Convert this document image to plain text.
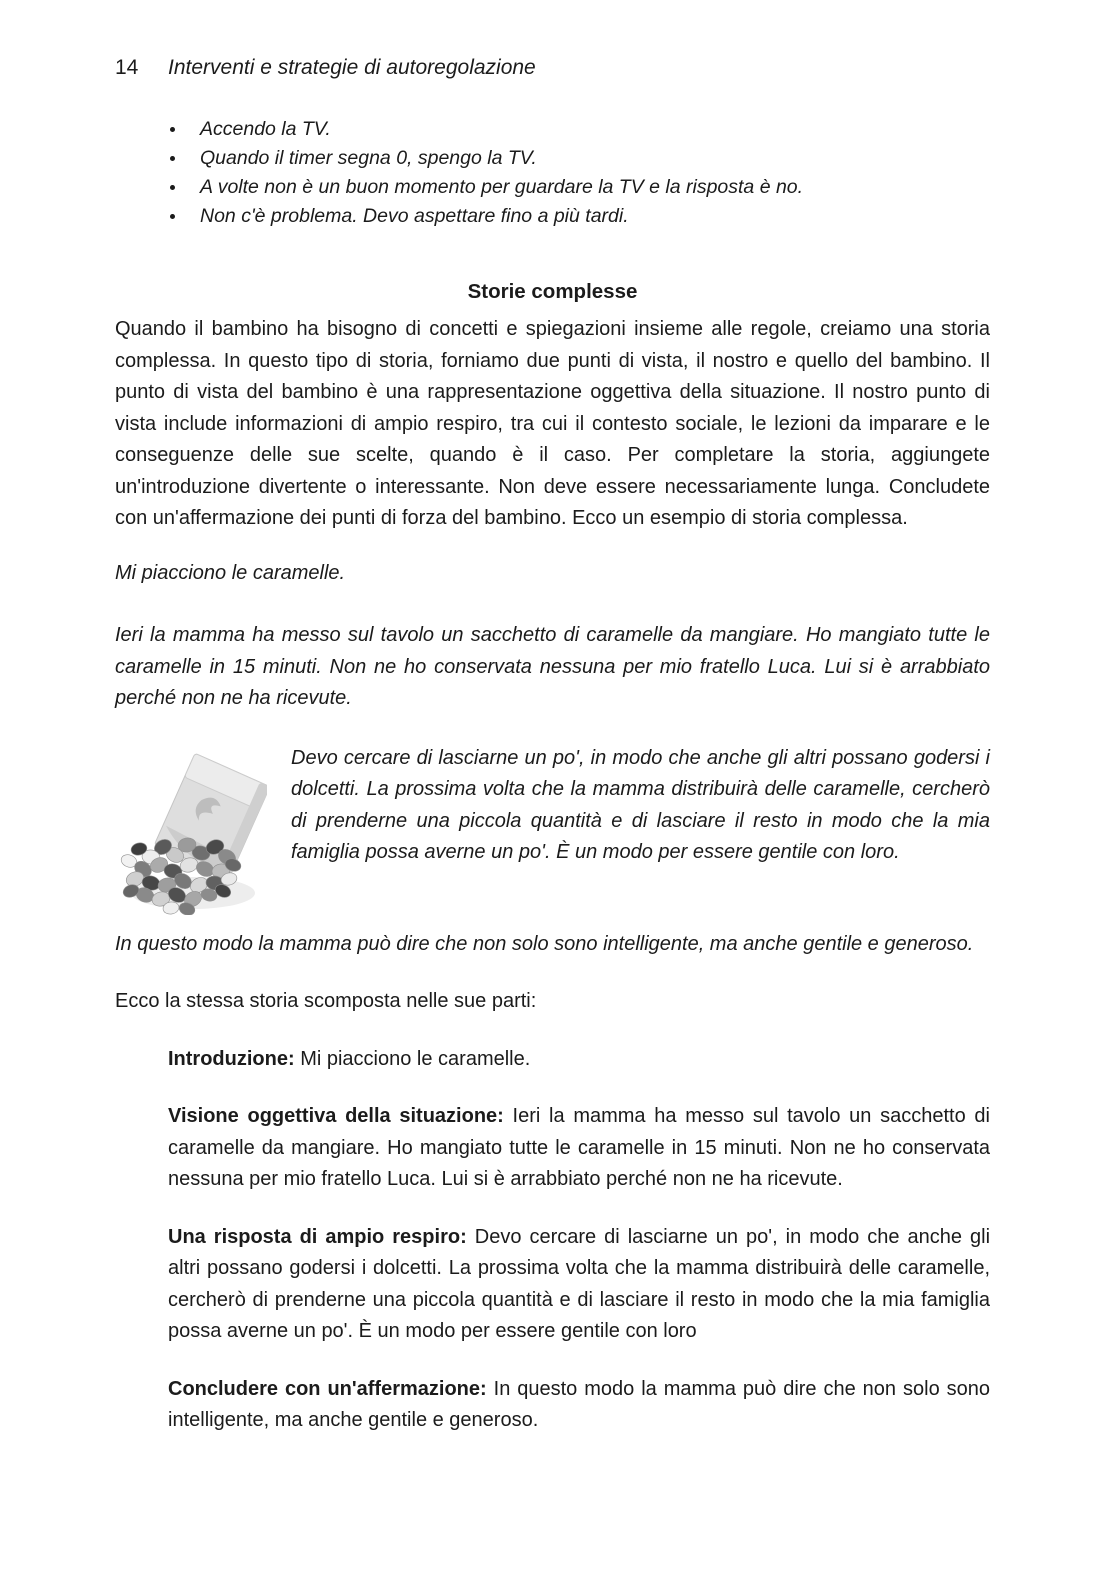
14 Interventi e strategie di autoregolazione
Accendo la TV.
Quando il timer segna 0, spengo la TV.
A volte non è un buon momento per guardare la TV e la risposta è no.
Non c'è problema. Devo aspettare fino a più tardi.
Storie complesse

Quando il bambino ha bisogno di concetti e spiegazioni insieme alle regole, creiamo una storia complessa. In questo tipo di storia, forniamo due punti di vista, il nostro e quello del bambino. Il punto di vista del bambino è una rappresentazione oggettiva della situazione. Il nostro punto di vista include informazioni di ampio respiro, tra cui il contesto sociale, le lezioni da imparare e le conseguenze delle sue scelte, quando è il caso. Per completare la storia, aggiungete un'introduzione divertente o interessante. Non deve essere necessariamente lunga. Concludete con un'affermazione dei punti di forza del bambino. Ecco un esempio di storia complessa.

Mi piacciono le caramelle.

Ieri la mamma ha messo sul tavolo un sacchetto di caramelle da mangiare. Ho mangiato tutte le caramelle in 15 minuti. Non ne ho conservata nessuna per mio fratello Luca. Lui si è arrabbiato perché non ne ha ricevute.

Devo cercare di lasciarne un po', in modo che anche gli altri possano godersi i dolcetti. La prossima volta che la mamma distribuirà delle caramelle, cercherò di prenderne una piccola quantità e di lasciare il resto in modo che la mia famiglia possa averne un po'. È un modo per essere gentile con loro.

In questo modo la mamma può dire che non solo sono intelligente, ma anche gentile e generoso.

Ecco la stessa storia scomposta nelle sue parti:

Introduzione: Mi piacciono le caramelle.

Visione oggettiva della situazione: Ieri la mamma ha messo sul tavolo un sacchetto di caramelle da mangiare. Ho mangiato tutte le caramelle in 15 minuti. Non ne ho conservata nessuna per mio fratello Luca. Lui si è arrabbiato perché non ne ha ricevute.

Una risposta di ampio respiro: Devo cercare di lasciarne un po', in modo che anche gli altri possano godersi i dolcetti. La prossima volta che la mamma distribuirà delle caramelle, cercherò di prenderne una piccola quantità e di lasciare il resto in modo che la mia famiglia possa averne un po'. È un modo per essere gentile con loro

Concludere con un'affermazione: In questo modo la mamma può dire che non solo sono intelligente, ma anche gentile e generoso.
